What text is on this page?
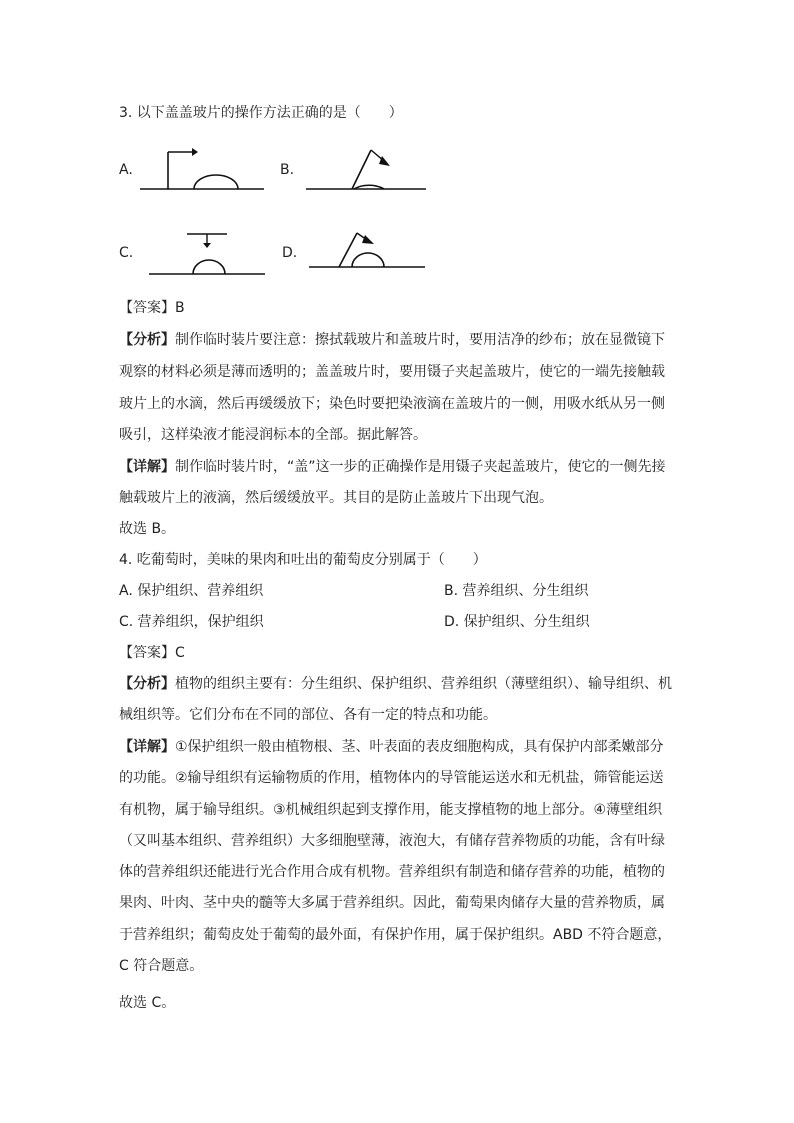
3. 以下盖盖玻片的操作方法正确的是（　　）
A.	B.
C.	D.
【答案】B
【分析】制作临时装片要注意：擦拭载玻片和盖玻片时，要用洁净的纱布；放在显微镜下
观察的材料必须是薄而透明的；盖盖玻片时，要用镊子夹起盖玻片，使它的一端先接触载
玻片上的水滴，然后再缓缓放下；染色时要把染液滴在盖玻片的一侧，用吸水纸从另一侧
吸引，这样染液才能浸润标本的全部。据此解答。
【详解】制作临时装片时，“盖”这一步的正确操作是用镊子夹起盖玻片，使它的一侧先接
触载玻片上的液滴，然后缓缓放平。其目的是防止盖玻片下出现气泡。
故选 B。
4. 吃葡萄时，美味的果肉和吐出的葡萄皮分别属于（　　）
A. 保护组织、营养组织	B. 营养组织、分生组织
C. 营养组织，保护组织	D. 保护组织、分生组织
【答案】C
【分析】植物的组织主要有：分生组织、保护组织、营养组织（薄壁组织）、输导组织、机
械组织等。它们分布在不同的部位、各有一定的特点和功能。
【详解】①保护组织一般由植物根、茎、叶表面的表皮细胞构成，具有保护内部柔嫩部分
的功能。②输导组织有运输物质的作用，植物体内的导管能运送水和无机盐，筛管能运送
有机物，属于输导组织。③机械组织起到支撑作用，能支撑植物的地上部分。④薄壁组织
（又叫基本组织、营养组织）大多细胞壁薄，液泡大，有储存营养物质的功能，含有叶绿
体的营养组织还能进行光合作用合成有机物。营养组织有制造和储存营养的功能，植物的
果肉、叶肉、茎中央的髓等大多属于营养组织。因此，葡萄果肉储存大量的营养物质，属
于营养组织；葡萄皮处于葡萄的最外面，有保护作用，属于保护组织。ABD 不符合题意，
C 符合题意。
故选 C。
